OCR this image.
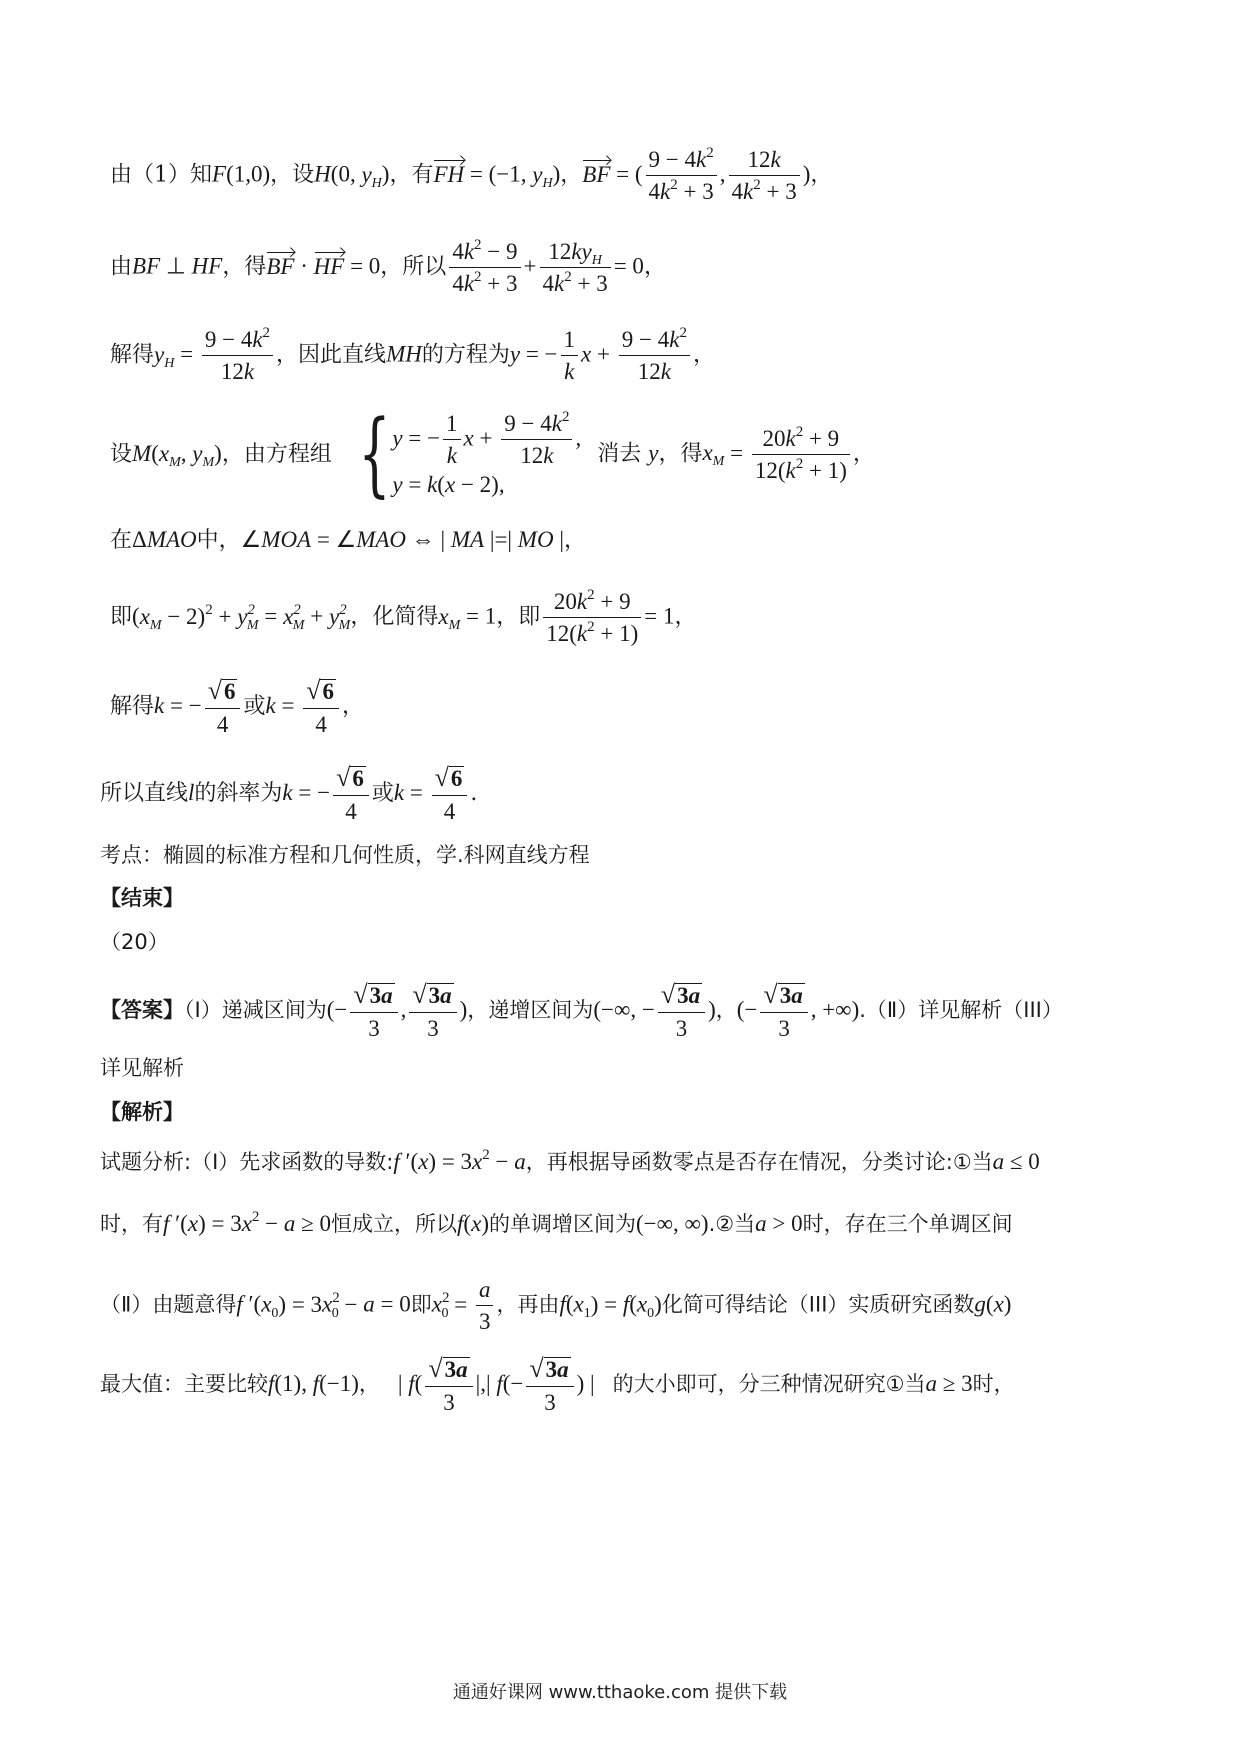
由（1）知F(1,0)，设H(0, $y_H$)，有FH = (−1, $y_H$)，BF = ( $\frac{9 - 4k^2}{4k^2 + 3}$ , $\frac{12k}{4k^2 + 3}$ )，
由BF ⊥ HF，得BF · HF = 0，所以 $\frac{4k^2 - 9}{4k^2 + 3} + \frac{12ky_H}{4k^2 + 3} = 0$，
解得$y_H = \frac{9 - 4k^2}{12k}$ ，因此直线MH的方程为y = − $\frac{1}{k}$ $x + \frac{9 - 4k^2}{12k}$ ，
设$M(x_M$, $y_M$)，由方程组 { y = − $\frac{1}{k}$ $x + \frac{9 - 4k^2}{12k}$ ,
y = k(x − 2),
消去 y，得$x_M = \frac{20k^2 + 9}{12(k^2 + 1)}$ ，
在ΔMAO中，∠MOA = ∠MAO ⇔ | MA |=| MO |，
即$(x_M - 2)^2 + y^2_M = x^2_M + y^2_M$，化简得$x_M = 1$，即 $\frac{20k^2 + 9}{12(k^2 + 1)} = 1$，
解得k = − $\frac{√6}{4}$ 或$k = \frac{√6}{4}$ ，
所以直线l的斜率为k = − $\frac{√6}{4}$ 或$k = \frac{√6}{4}$ .
考点：椭圆的标准方程和几何性质，学.科网直线方程
【结束】
（20）
【答案】（Ⅰ）递减区间为(− $\frac{√3a}{3}$ , $\frac{√3a}{3}$ )，递增区间为(−∞, − $\frac{√3a}{3}$ )，(− $\frac{√3a}{3}$ , +∞).（Ⅱ）详见解析（III）
详见解析
【解析】
试题分析:（Ⅰ）先求函数的导数:f $'(x) = 3x^2 - a$，再根据导函数零点是否存在情况，分类讨论:①当a ≤ 0
时，有f $'(x) = 3x^2 - a \ge 0$恒成立，所以f(x)的单调增区间为(−∞, ∞).②当a > 0时，存在三个单调区间
（Ⅱ）由题意得f $'(x_0) = 3x^2_0 - a = 0$即$x^2_0 = \frac{a}{3}$ ，再由$f(x_1) = f(x_0)$化简可得结论（III）实质研究函数g(x)
最大值：主要比较f(1), f(−1)， | $f( \frac{√3a}{3}$ |,| $f(- \frac{√3a}{3}$ ) | 的大小即可，分三种情况研究①当a ≥ 3时，
通通好课网 www.tthaoke.com 提供下载
